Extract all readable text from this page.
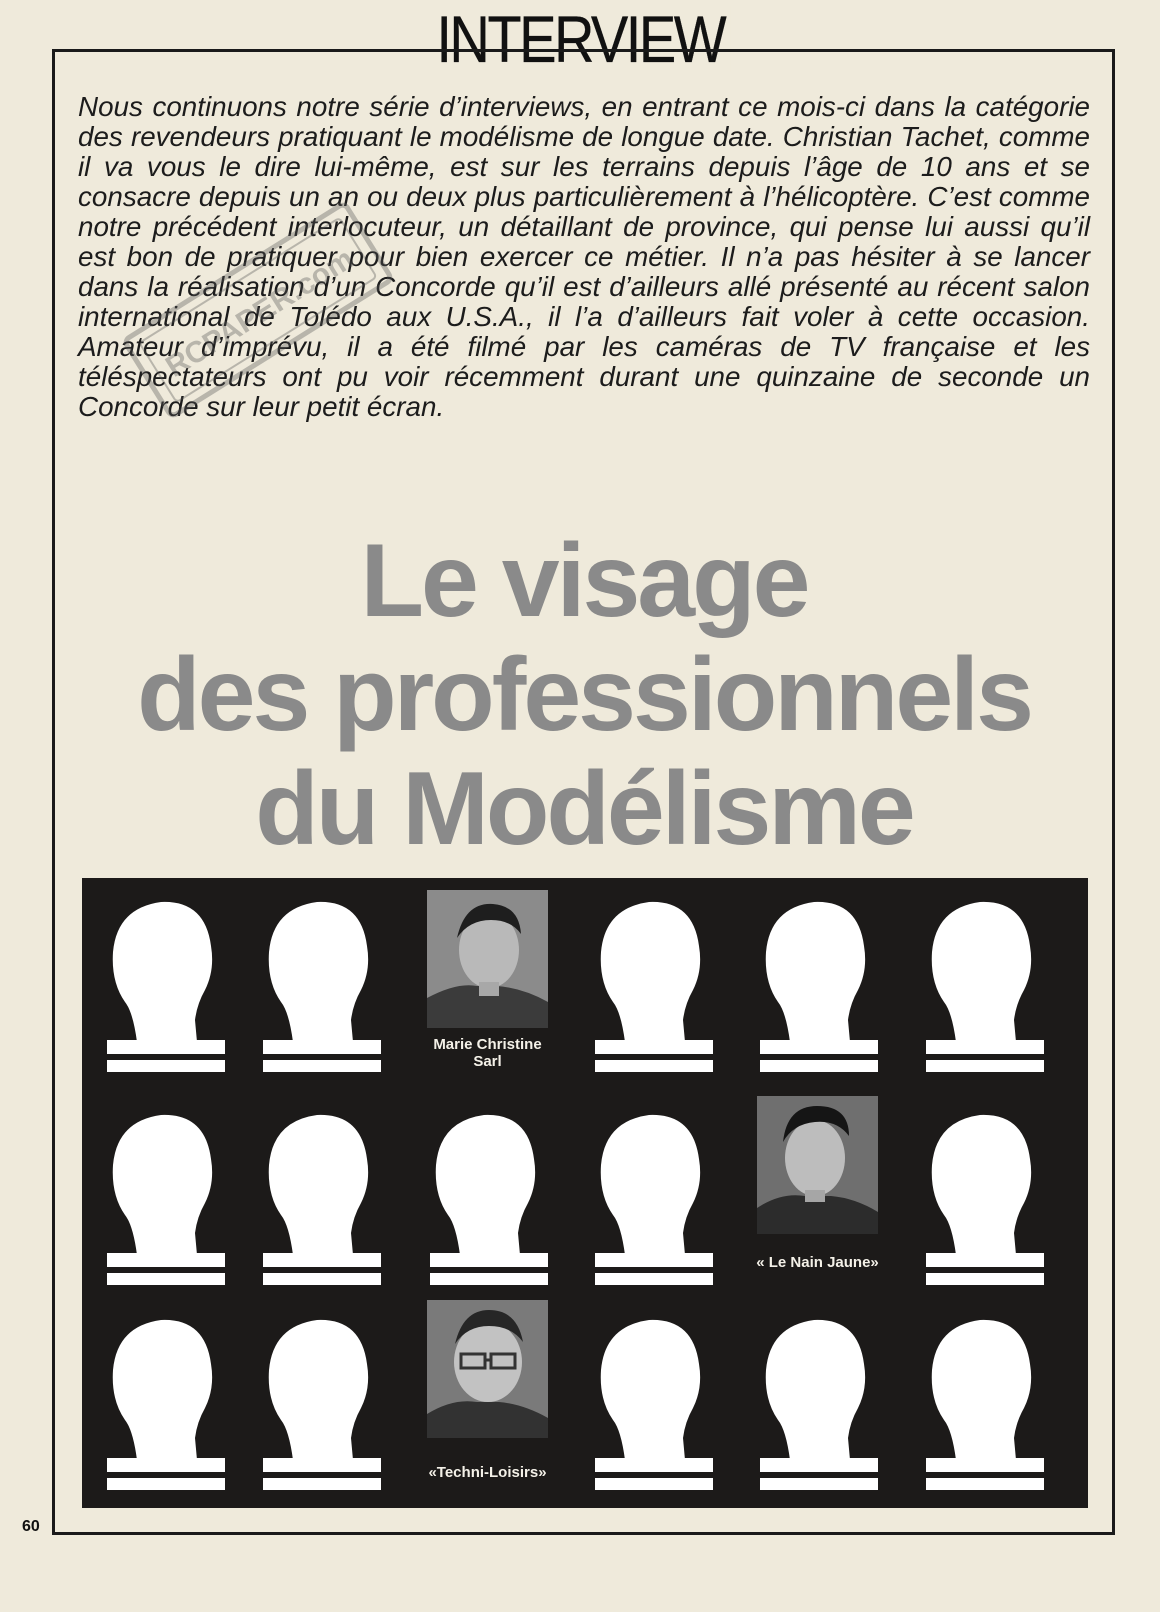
INTERVIEW

Nous continuons notre série d’interviews, en entrant ce mois-ci dans la catégorie des revendeurs pratiquant le modélisme de longue date. Christian Tachet, comme il va vous le dire lui-même, est sur les terrains depuis l’âge de 10 ans et se consacre depuis un an ou deux plus particulièrement à l’hélicoptère. C’est comme notre précédent interlocuteur, un détaillant de province, qui pense lui aussi qu’il est bon de pratiquer pour bien exercer ce métier. Il n’a pas hésiter à se lancer dans la réalisation d’un Concorde qu’il est d’ailleurs allé présenté au récent salon international de Tolédo aux U.S.A., il l’a d’ailleurs fait voler à cette occasion. Amateur d’imprévu, il a été filmé par les caméras de TV française et les téléspectateurs ont pu voir récemment durant une quinzaine de seconde un Concorde sur leur petit écran.

RCPAPER.com
Le visage
des professionnels
du Modélisme
Marie Christine
Sarl
« Le Nain Jaune»
«Techni-Loisirs»
60
